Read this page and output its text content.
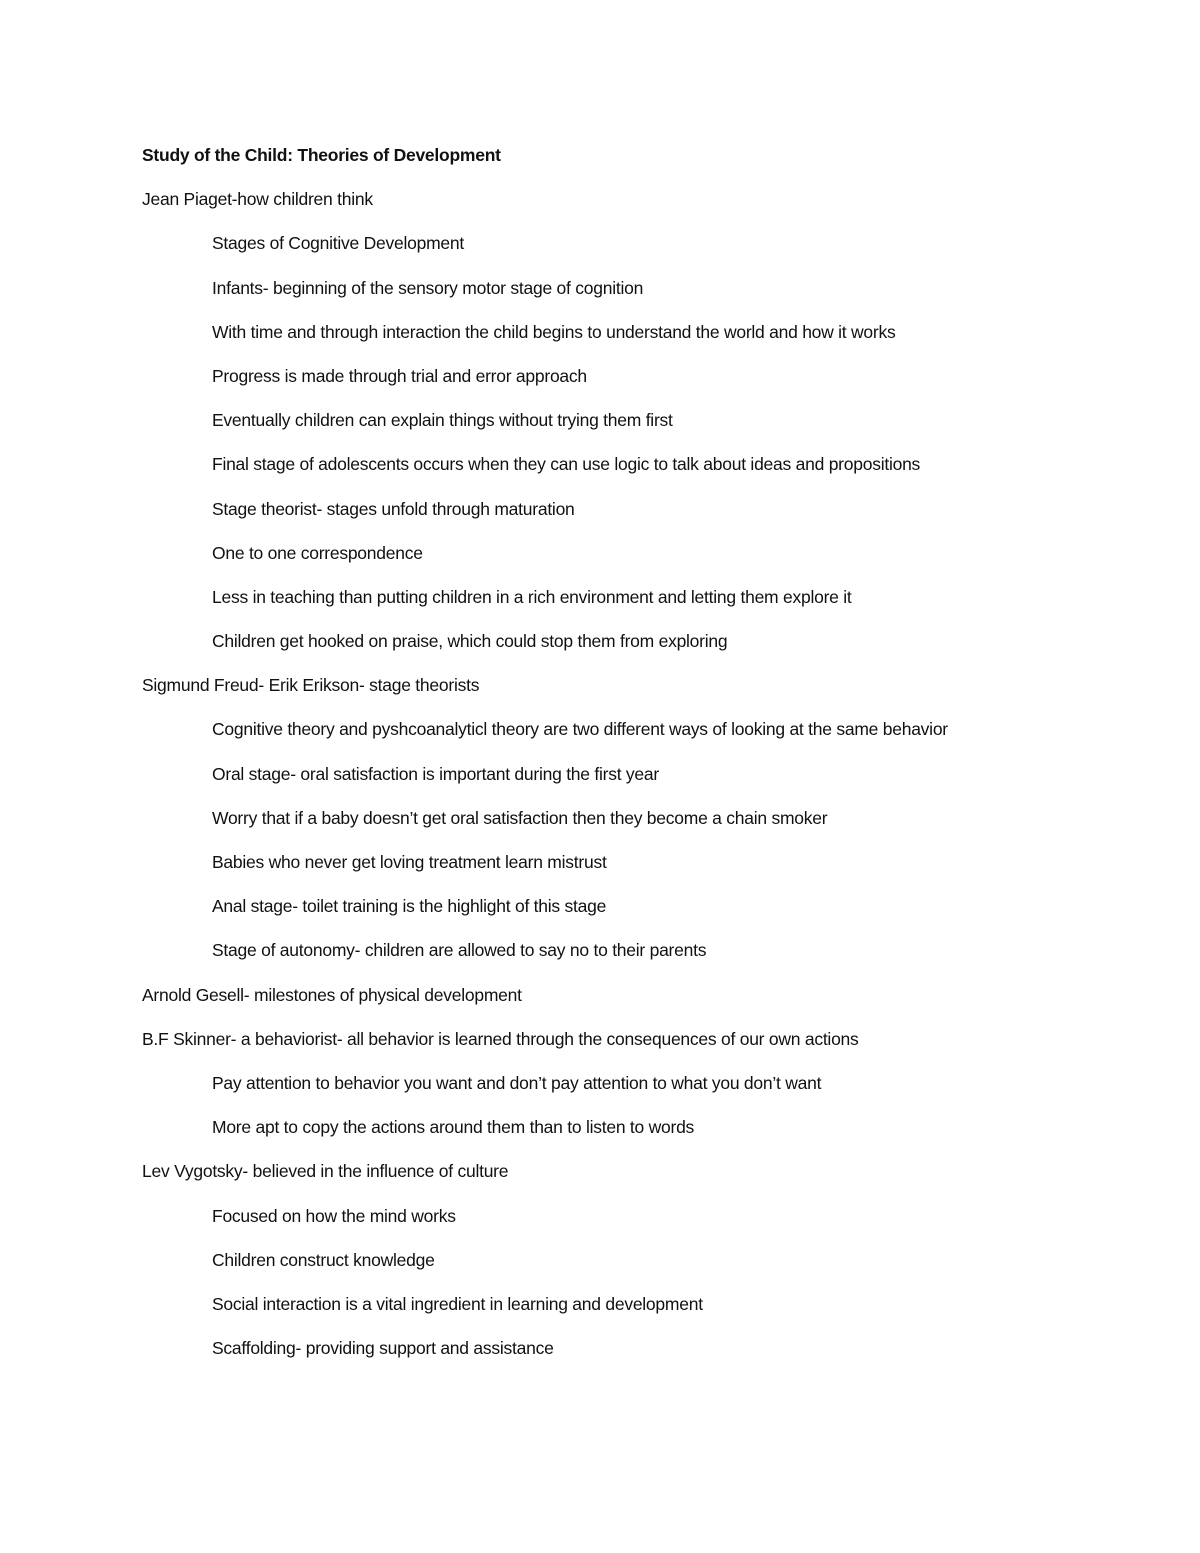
Study of the Child: Theories of Development
Jean Piaget-how children think
Stages of Cognitive Development
Infants- beginning of the sensory motor stage of cognition
With time and through interaction the child begins to understand the world and how it works
Progress is made through trial and error approach
Eventually children can explain things without trying them first
Final stage of adolescents occurs when they can use logic to talk about ideas and propositions
Stage theorist- stages unfold through maturation
One to one correspondence
Less in teaching than putting children in a rich environment and letting them explore it
Children get hooked on praise, which could stop them from exploring
Sigmund Freud- Erik Erikson- stage theorists
Cognitive theory and pyshcoanalyticl theory are two different ways of looking at the same behavior
Oral stage- oral satisfaction is important during the first year
Worry that if a baby doesn’t get oral satisfaction then they become a chain smoker
Babies who never get loving treatment learn mistrust
Anal stage- toilet training is the highlight of this stage
Stage of autonomy- children are allowed to say no to their parents
Arnold Gesell- milestones of physical development
B.F Skinner- a behaviorist- all behavior is learned through the consequences of our own actions
Pay attention to behavior you want and don’t pay attention to what you don’t want
More apt to copy the actions around them than to listen to words
Lev Vygotsky- believed in the influence of culture
Focused on how the mind works
Children construct knowledge
Social interaction is a vital ingredient in learning and development
Scaffolding- providing support and assistance
